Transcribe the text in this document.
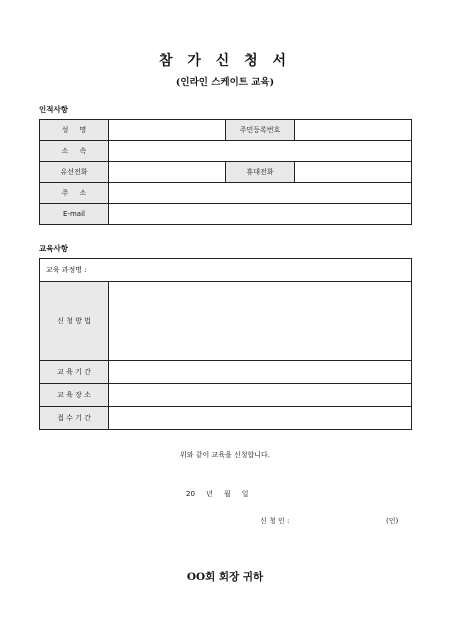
참 가 신 청 서
(인라인 스케이트 교육)
인적사항
성     명		주민등록번호	
소     속			
유선전화		휴대전화	
주     소			
E-mail			
교육사항
교육 과정명 :	
신 청 방 법	
교 육 기 간	
교 육 장 소	
접 수 기 간	
위와 같이 교육을 신청합니다.
20     년     월     일
신 청 인 :	(인)
OO회 회장 귀하
